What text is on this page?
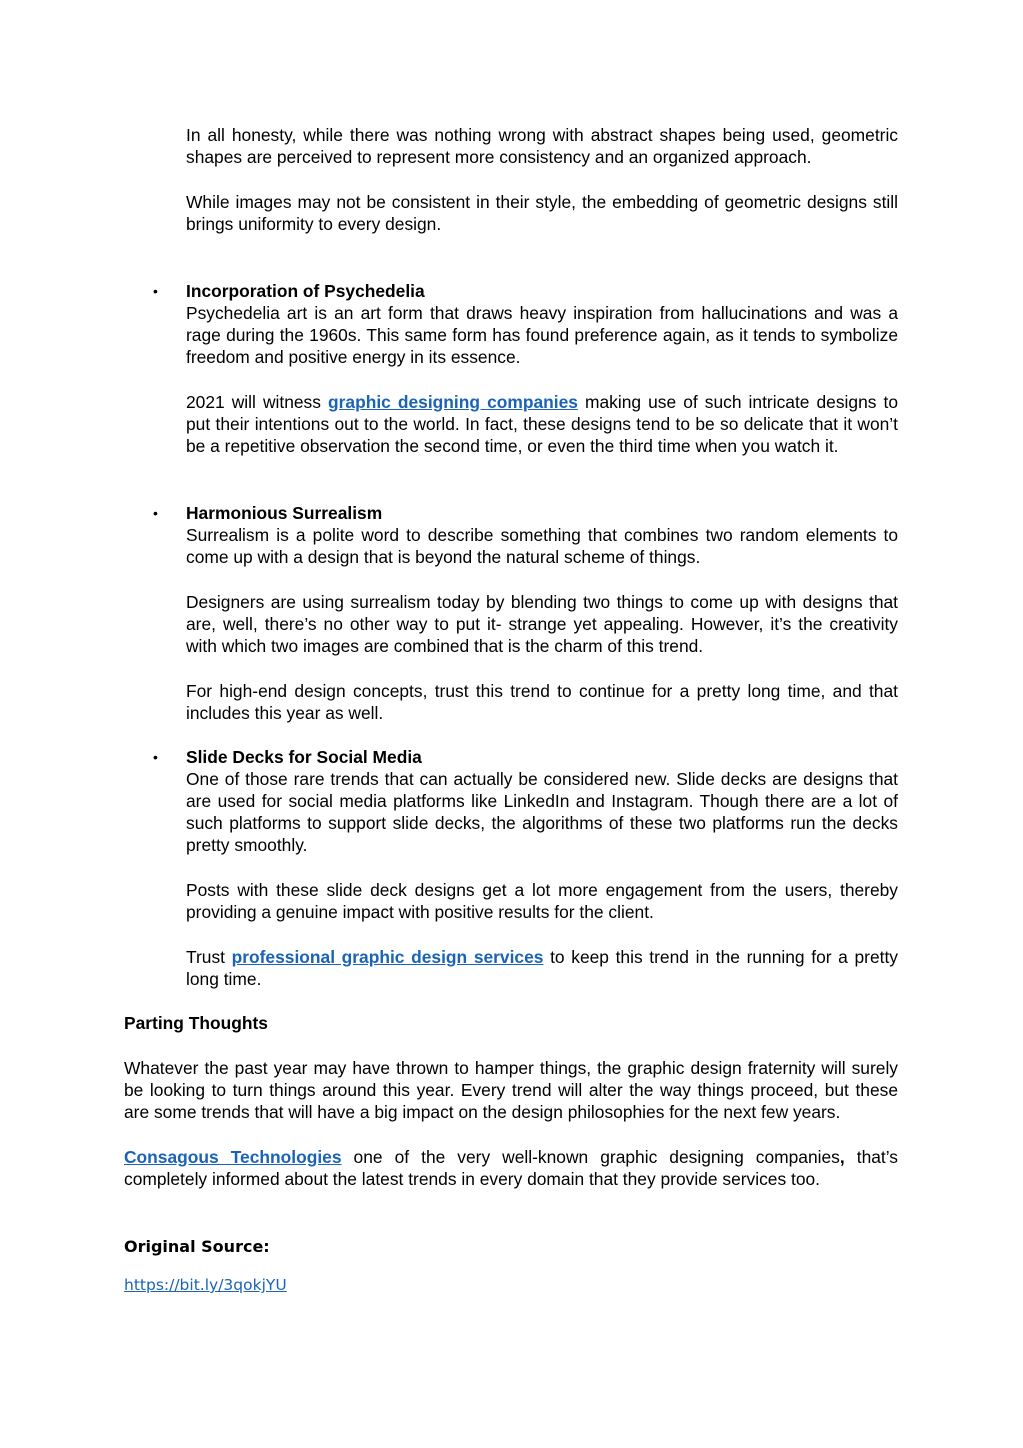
In all honesty, while there was nothing wrong with abstract shapes being used, geometric shapes are perceived to represent more consistency and an organized approach.

While images may not be consistent in their style, the embedding of geometric designs still brings uniformity to every design.

• Incorporation of Psychedelia

Psychedelia art is an art form that draws heavy inspiration from hallucinations and was a rage during the 1960s. This same form has found preference again, as it tends to symbolize freedom and positive energy in its essence.

2021 will witness graphic designing companies making use of such intricate designs to put their intentions out to the world. In fact, these designs tend to be so delicate that it won’t be a repetitive observation the second time, or even the third time when you watch it.

• Harmonious Surrealism

Surrealism is a polite word to describe something that combines two random elements to come up with a design that is beyond the natural scheme of things.

Designers are using surrealism today by blending two things to come up with designs that are, well, there’s no other way to put it- strange yet appealing. However, it’s the creativity with which two images are combined that is the charm of this trend.

For high-end design concepts, trust this trend to continue for a pretty long time, and that includes this year as well.

• Slide Decks for Social Media

One of those rare trends that can actually be considered new. Slide decks are designs that are used for social media platforms like LinkedIn and Instagram. Though there are a lot of such platforms to support slide decks, the algorithms of these two platforms run the decks pretty smoothly.

Posts with these slide deck designs get a lot more engagement from the users, thereby providing a genuine impact with positive results for the client.

Trust professional graphic design services to keep this trend in the running for a pretty long time.

Parting Thoughts

Whatever the past year may have thrown to hamper things, the graphic design fraternity will surely be looking to turn things around this year. Every trend will alter the way things proceed, but these are some trends that will have a big impact on the design philosophies for the next few years.

Consagous Technologies one of the very well-known graphic designing companies, that’s completely informed about the latest trends in every domain that they provide services too.

Original Source:
https://bit.ly/3qokjYU
